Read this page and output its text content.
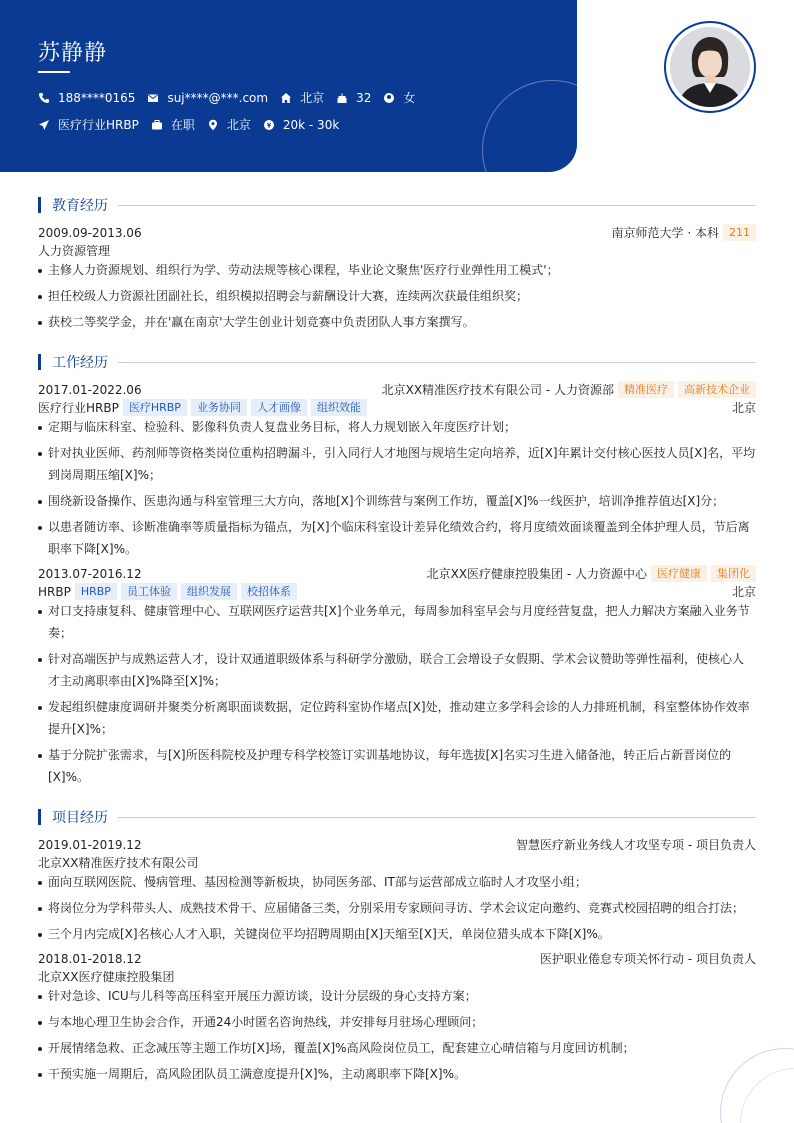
苏静静
188****0165	suj****@***.com	北京	32	女
医疗行业HRBP	在职	北京	20k - 30k
教育经历
2009.09-2013.06	南京师范大学 · 本科 211
人力资源管理
主修人力资源规划、组织行为学、劳动法规等核心课程，毕业论文聚焦'医疗行业弹性用工模式'；
担任校级人力资源社团副社长，组织模拟招聘会与薪酬设计大赛，连续两次获最佳组织奖；
获校二等奖学金，并在'赢在南京'大学生创业计划竞赛中负责团队人事方案撰写。
工作经历
2017.01-2022.06	北京XX精准医疗技术有限公司 - 人力资源部 精准医疗	高新技术企业
医疗行业HRBP 医疗HRBP	业务协同	人才画像	组织效能	北京
定期与临床科室、检验科、影像科负责人复盘业务目标，将人力规划嵌入年度医疗计划；
针对执业医师、药剂师等资格类岗位重构招聘漏斗，引入同行人才地图与规培生定向培养，近[X]年累计交付核心医技人员[X]名，平均
到岗周期压缩[X]%；
围绕新设备操作、医患沟通与科室管理三大方向，落地[X]个训练营与案例工作坊，覆盖[X]%一线医护，培训净推荐值达[X]分；
以患者随访率、诊断准确率等质量指标为锚点，为[X]个临床科室设计差异化绩效合约，将月度绩效面谈覆盖到全体护理人员，节后离
职率下降[X]%。
2013.07-2016.12	北京XX医疗健康控股集团 - 人力资源中心 医疗健康	集团化
HRBP HRBP	员工体验	组织发展	校招体系	北京
对口支持康复科、健康管理中心、互联网医疗运营共[X]个业务单元，每周参加科室早会与月度经营复盘，把人力解决方案融入业务节
奏；
针对高端医护与成熟运营人才，设计双通道职级体系与科研学分激励，联合工会增设子女假期、学术会议赞助等弹性福利，使核心人
才主动离职率由[X]%降至[X]%；
发起组织健康度调研并聚类分析离职面谈数据，定位跨科室协作堵点[X]处，推动建立多学科会诊的人力排班机制，科室整体协作效率
提升[X]%；
基于分院扩张需求，与[X]所医科院校及护理专科学校签订实训基地协议，每年选拔[X]名实习生进入储备池，转正后占新晋岗位的
[X]%。
项目经历
2019.01-2019.12	智慧医疗新业务线人才攻坚专项 - 项目负责人
北京XX精准医疗技术有限公司
面向互联网医院、慢病管理、基因检测等新板块，协同医务部、IT部与运营部成立临时人才攻坚小组；
将岗位分为学科带头人、成熟技术骨干、应届储备三类，分别采用专家顾问寻访、学术会议定向邀约、竞赛式校园招聘的组合打法；
三个月内完成[X]名核心人才入职，关键岗位平均招聘周期由[X]天缩至[X]天，单岗位猎头成本下降[X]%。
2018.01-2018.12	医护职业倦怠专项关怀行动 - 项目负责人
北京XX医疗健康控股集团
针对急诊、ICU与儿科等高压科室开展压力源访谈，设计分层级的身心支持方案；
与本地心理卫生协会合作，开通24小时匿名咨询热线，并安排每月驻场心理顾问；
开展情绪急救、正念减压等主题工作坊[X]场，覆盖[X]%高风险岗位员工，配套建立心晴信箱与月度回访机制；
干预实施一周期后，高风险团队员工满意度提升[X]%，主动离职率下降[X]%。
